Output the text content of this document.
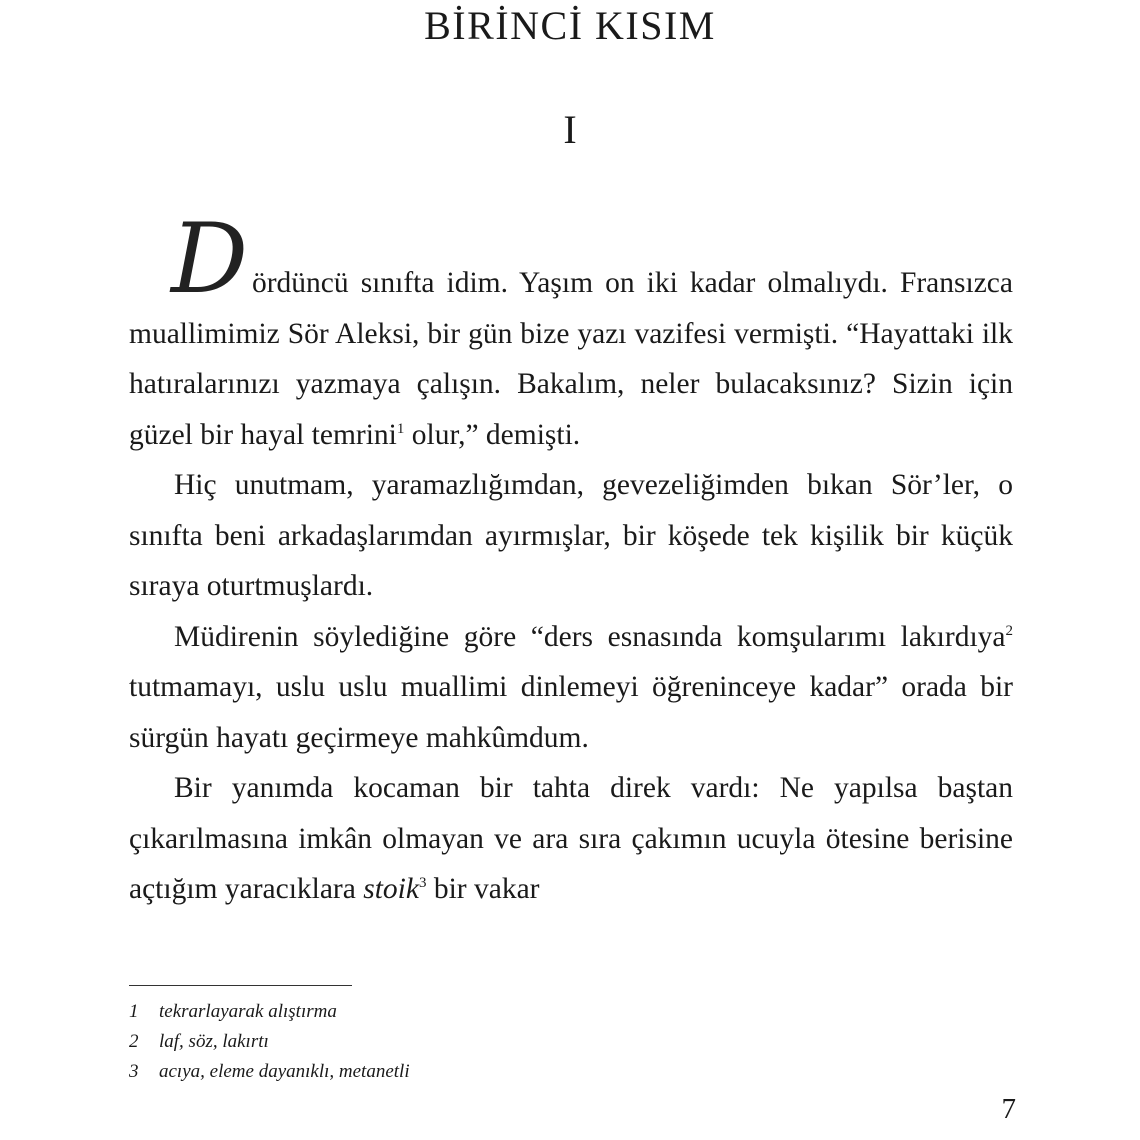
BİRİNCİ KISIM
I

Dördüncü sınıfta idim. Yaşım on iki kadar olmalıydı. Fransızca muallimimiz Sör Aleksi, bir gün bize yazı vazifesi vermişti. “Hayattaki ilk hatıralarınızı yazmaya çalışın. Bakalım, neler bulacaksınız? Sizin için güzel bir hayal temrini$^1$ olur,” demişti.

Hiç unutmam, yaramazlığımdan, gevezeliğimden bıkan Sör’ler, o sınıfta beni arkadaşlarımdan ayırmışlar, bir köşede tek kişilik bir küçük sıraya oturtmuşlardı.

Müdirenin söylediğine göre “ders esnasında komşularımı lakırdıya$^2$ tutmamayı, uslu uslu muallimi dinlemeyi öğreninceye kadar” orada bir sürgün hayatı geçirmeye mahkûmdum.

Bir yanımda kocaman bir tahta direk vardı: Ne yapılsa baştan çıkarılmasına imkân olmayan ve ara sıra çakımın ucuyla ötesine berisine açtığım yaracıklara stoik$^3$ bir vakar

1 tekrarlayarak alıştırma
2 laf, söz, lakırtı
3 acıya, eleme dayanıklı, metanetli
7
